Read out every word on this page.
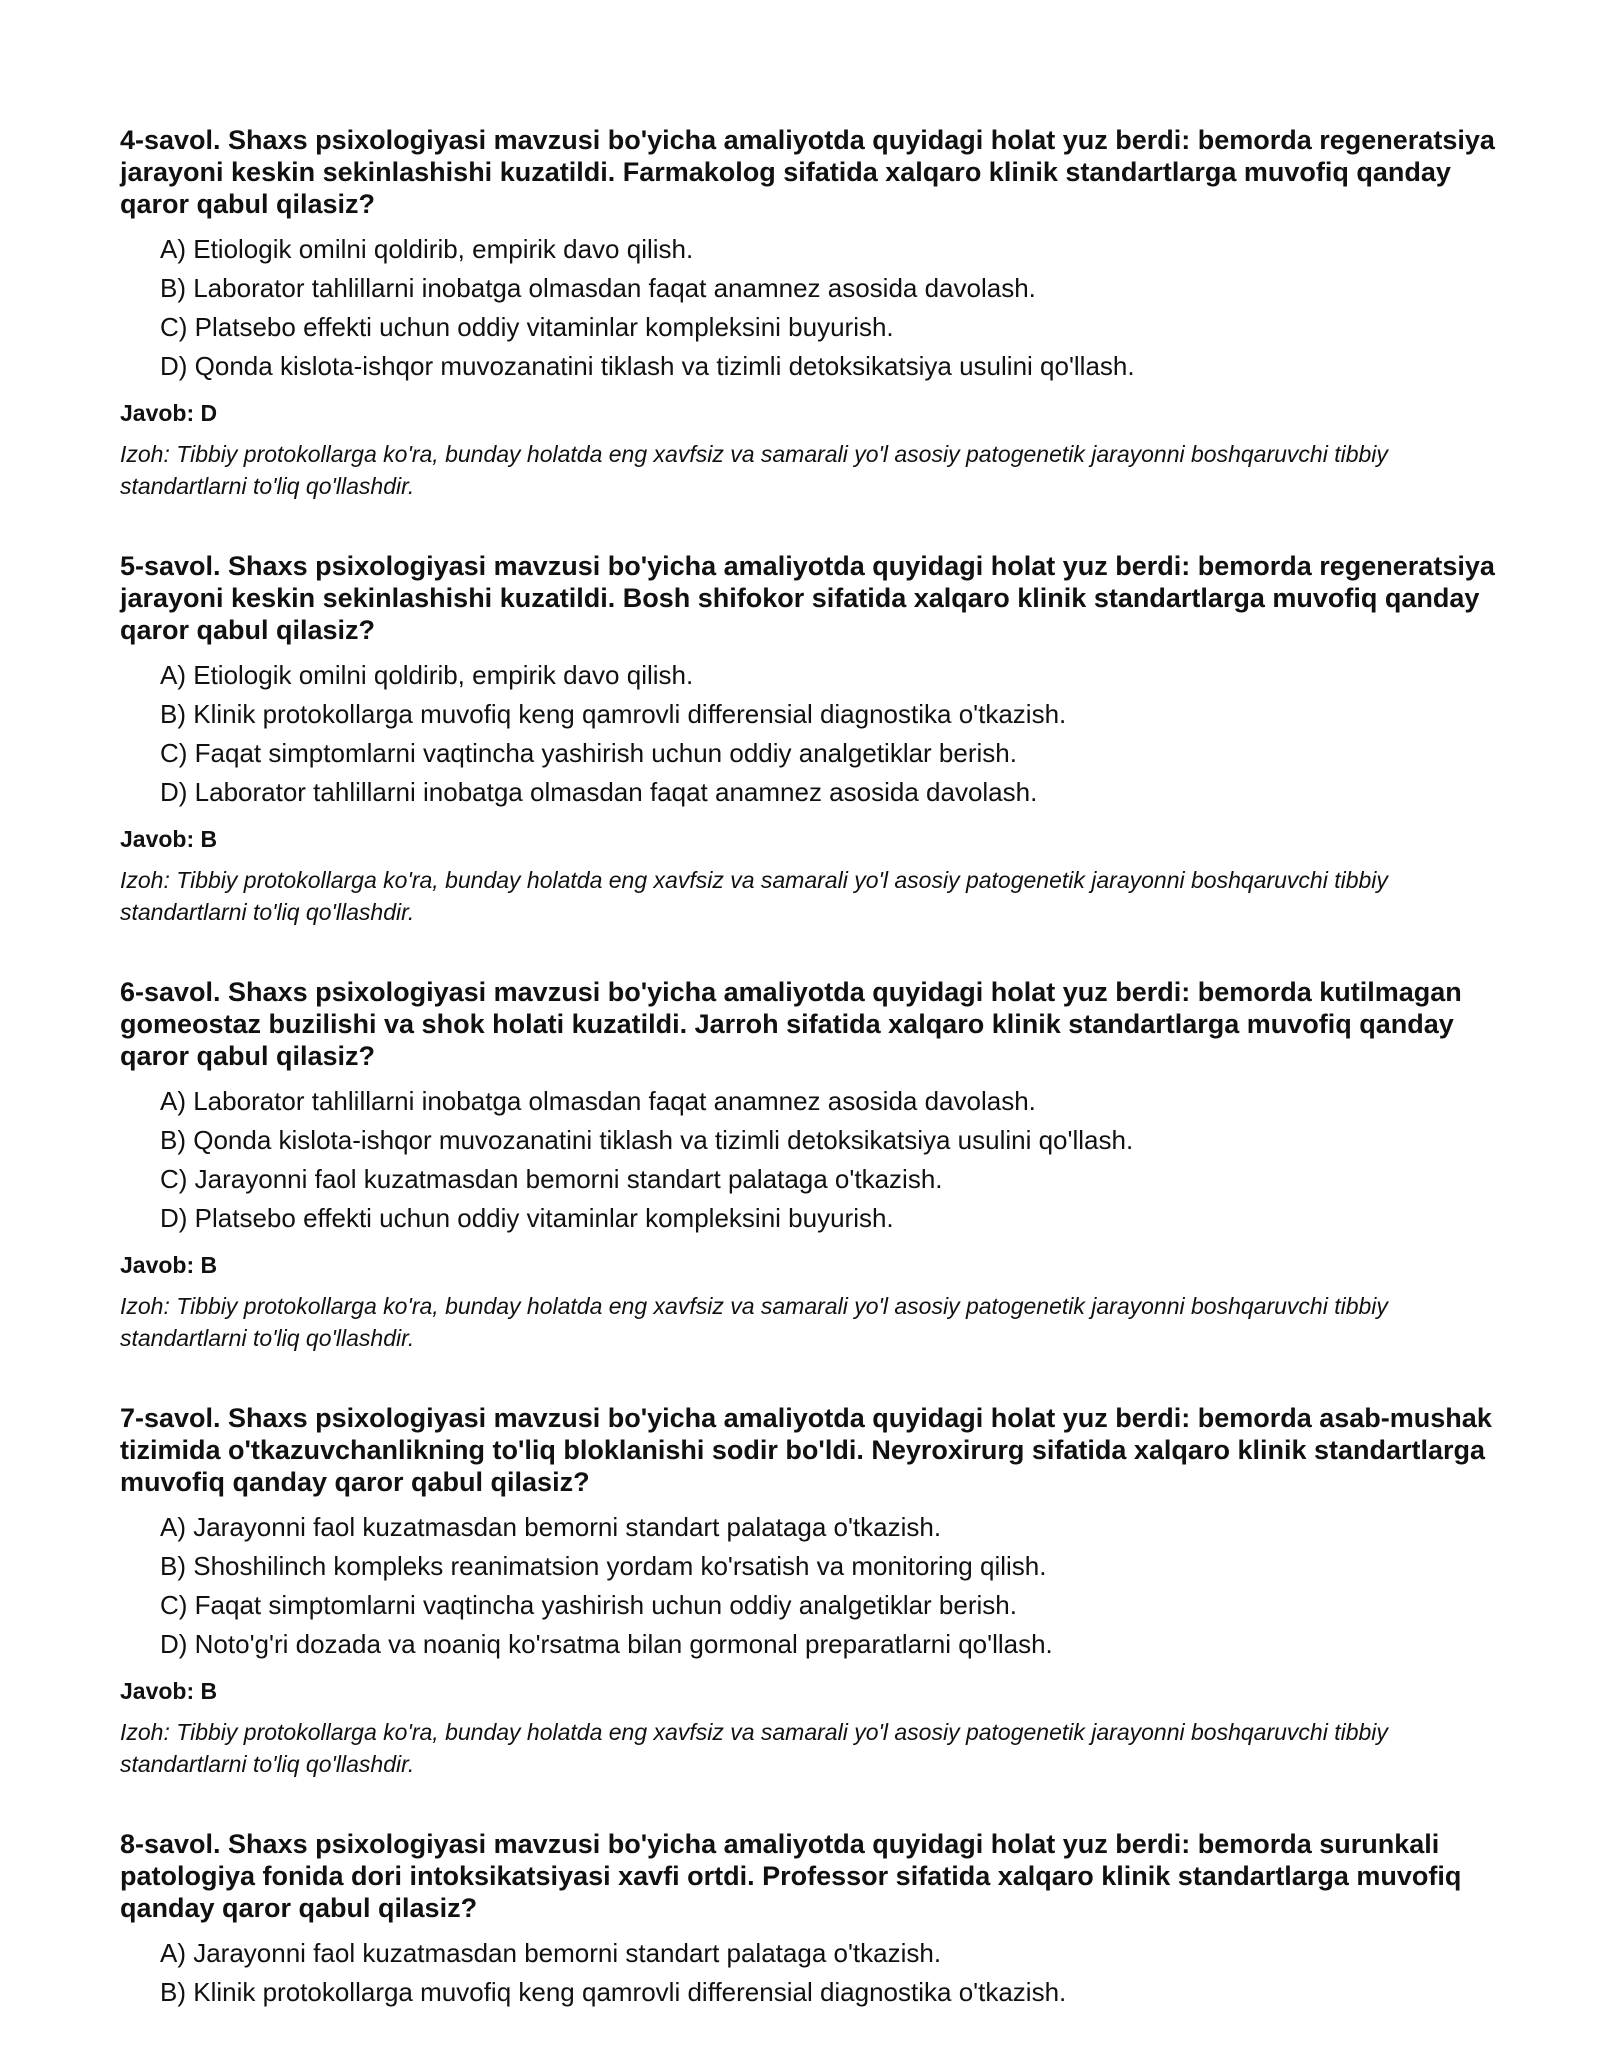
4-savol. Shaxs psixologiyasi mavzusi bo'yicha amaliyotda quyidagi holat yuz berdi: bemorda regeneratsiya jarayoni keskin sekinlashishi kuzatildi. Farmakolog sifatida xalqaro klinik standartlarga muvofiq qanday qaror qabul qilasiz?

A) Etiologik omilni qoldirib, empirik davo qilish.
B) Laborator tahlillarni inobatga olmasdan faqat anamnez asosida davolash.
C) Platsebo effekti uchun oddiy vitaminlar kompleksini buyurish.
D) Qonda kislota-ishqor muvozanatini tiklash va tizimli detoksikatsiya usulini qo'llash.

Javob: D

Izoh: Tibbiy protokollarga ko'ra, bunday holatda eng xavfsiz va samarali yo'l asosiy patogenetik jarayonni boshqaruvchi tibbiy standartlarni to'liq qo'llashdir.

5-savol. Shaxs psixologiyasi mavzusi bo'yicha amaliyotda quyidagi holat yuz berdi: bemorda regeneratsiya jarayoni keskin sekinlashishi kuzatildi. Bosh shifokor sifatida xalqaro klinik standartlarga muvofiq qanday qaror qabul qilasiz?

A) Etiologik omilni qoldirib, empirik davo qilish.
B) Klinik protokollarga muvofiq keng qamrovli differensial diagnostika o'tkazish.
C) Faqat simptomlarni vaqtincha yashirish uchun oddiy analgetiklar berish.
D) Laborator tahlillarni inobatga olmasdan faqat anamnez asosida davolash.

Javob: B

Izoh: Tibbiy protokollarga ko'ra, bunday holatda eng xavfsiz va samarali yo'l asosiy patogenetik jarayonni boshqaruvchi tibbiy standartlarni to'liq qo'llashdir.

6-savol. Shaxs psixologiyasi mavzusi bo'yicha amaliyotda quyidagi holat yuz berdi: bemorda kutilmagan gomeostaz buzilishi va shok holati kuzatildi. Jarroh sifatida xalqaro klinik standartlarga muvofiq qanday qaror qabul qilasiz?

A) Laborator tahlillarni inobatga olmasdan faqat anamnez asosida davolash.
B) Qonda kislota-ishqor muvozanatini tiklash va tizimli detoksikatsiya usulini qo'llash.
C) Jarayonni faol kuzatmasdan bemorni standart palataga o'tkazish.
D) Platsebo effekti uchun oddiy vitaminlar kompleksini buyurish.

Javob: B

Izoh: Tibbiy protokollarga ko'ra, bunday holatda eng xavfsiz va samarali yo'l asosiy patogenetik jarayonni boshqaruvchi tibbiy standartlarni to'liq qo'llashdir.

7-savol. Shaxs psixologiyasi mavzusi bo'yicha amaliyotda quyidagi holat yuz berdi: bemorda asab-mushak tizimida o'tkazuvchanlikning to'liq bloklanishi sodir bo'ldi. Neyroxirurg sifatida xalqaro klinik standartlarga muvofiq qanday qaror qabul qilasiz?

A) Jarayonni faol kuzatmasdan bemorni standart palataga o'tkazish.
B) Shoshilinch kompleks reanimatsion yordam ko'rsatish va monitoring qilish.
C) Faqat simptomlarni vaqtincha yashirish uchun oddiy analgetiklar berish.
D) Noto'g'ri dozada va noaniq ko'rsatma bilan gormonal preparatlarni qo'llash.

Javob: B

Izoh: Tibbiy protokollarga ko'ra, bunday holatda eng xavfsiz va samarali yo'l asosiy patogenetik jarayonni boshqaruvchi tibbiy standartlarni to'liq qo'llashdir.

8-savol. Shaxs psixologiyasi mavzusi bo'yicha amaliyotda quyidagi holat yuz berdi: bemorda surunkali patologiya fonida dori intoksikatsiyasi xavfi ortdi. Professor sifatida xalqaro klinik standartlarga muvofiq qanday qaror qabul qilasiz?

A) Jarayonni faol kuzatmasdan bemorni standart palataga o'tkazish.
B) Klinik protokollarga muvofiq keng qamrovli differensial diagnostika o'tkazish.
